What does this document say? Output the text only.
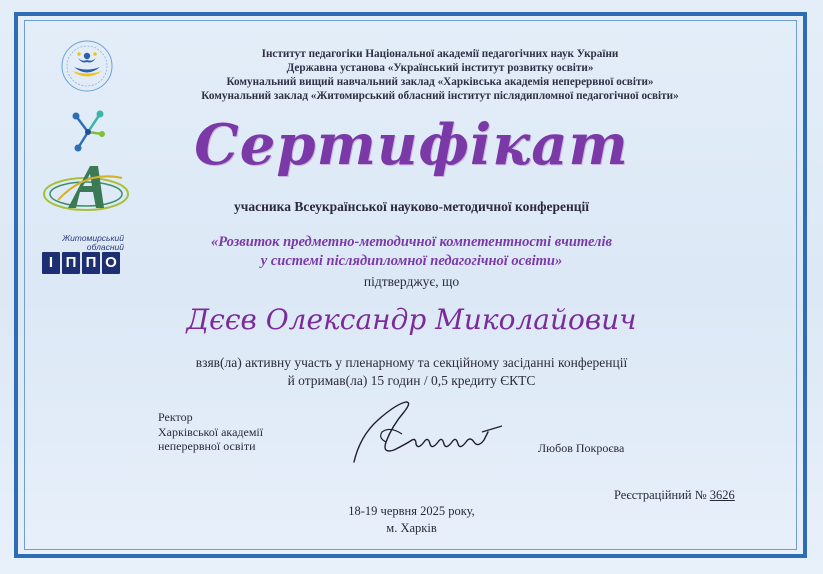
Житомирський
обласний
І П П О
Інститут педагогіки Національної академії педагогічних наук України
Державна установа «Український інститут розвитку освіти»
Комунальний вищий навчальний заклад «Харківська академія неперервної освіти»
Комунальний заклад «Житомирський обласний інститут післядипломної педагогічної освіти»
Сертифікат
учасника Всеукраїнської науково-методичної конференції
«Розвиток предметно-методичної компетентності вчителів
у системі післядипломної педагогічної освіти»
підтверджує, що
Дєєв Олександр Миколайович
взяв(ла) активну участь у пленарному та секційному засіданні конференції
й отримав(ла) 15 годин / 0,5 кредиту ЄКТС
Ректор
Харківської академії
неперервної освіти	Любов Покроєва
Реєстраційний № 3626
18-19 червня 2025 року,
м. Харків
